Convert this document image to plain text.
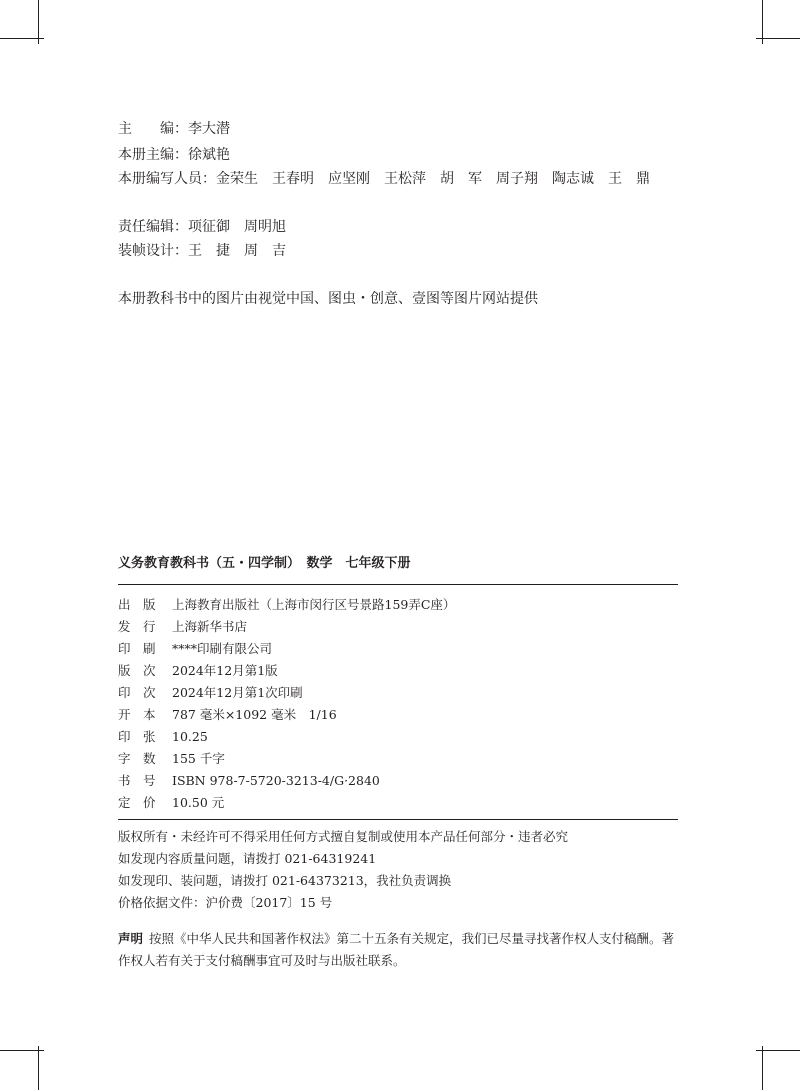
主　　编：李大潜
本册主编：徐斌艳
本册编写人员：金荣生　王春明　应坚刚　王松萍　胡　军　周子翔　陶志诚　王　鼎
责任编辑：项征御　周明旭
装帧设计：王　捷　周　吉
本册教科书中的图片由视觉中国、图虫・创意、壹图等图片网站提供
义务教育教科书（五・四学制）　数学　七年级下册
出　版 上海教育出版社（上海市闵行区号景路159弄C座）
发　行 上海新华书店
印　刷 ****印刷有限公司
版　次 2024年12月第1版
印　次 2024年12月第1次印刷
开　本 787 毫米×1092 毫米　1/16
印　张 10.25
字　数 155 千字
书　号 ISBN 978-7-5720-3213-4/G·2840
定　价 10.50 元
版权所有・未经许可不得采用任何方式擅自复制或使用本产品任何部分・违者必究
如发现内容质量问题，请拨打 021-64319241
如发现印、装问题，请拨打 021-64373213，我社负责调换
价格依据文件：沪价费〔2017〕15 号
声明 按照《中华人民共和国著作权法》第二十五条有关规定，我们已尽量寻找著作权人支付稿酬。著作权人若有关于支付稿酬事宜可及时与出版社联系。
